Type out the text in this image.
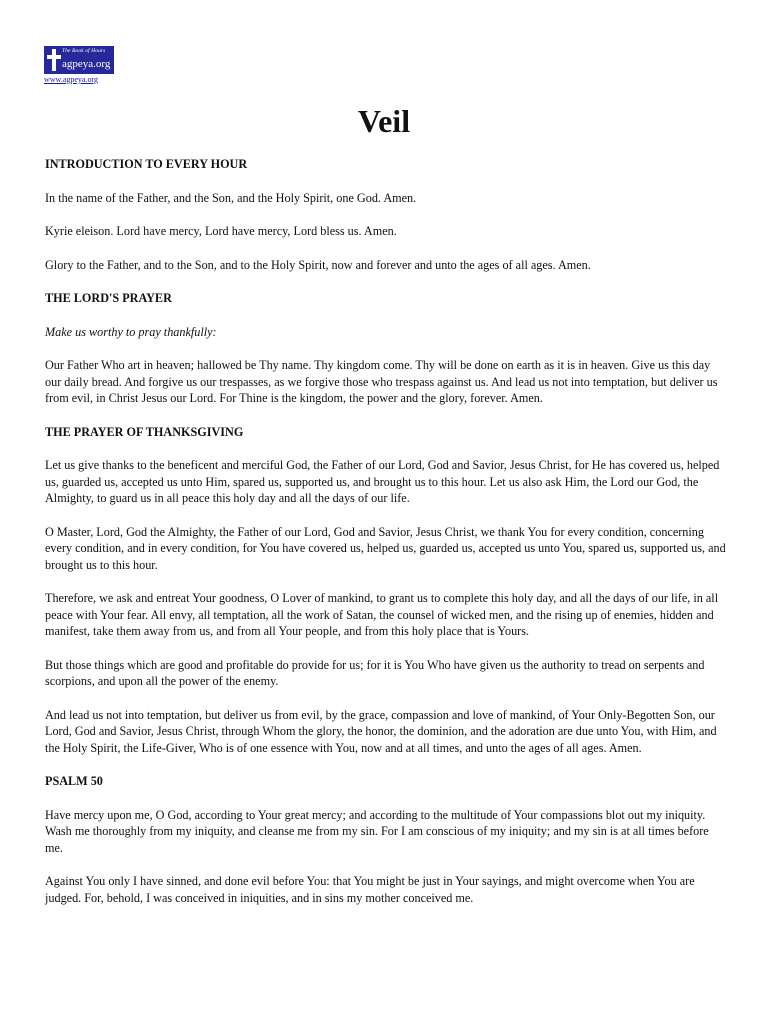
The Book of Hours
agpeya.org
www.agpeya.org
Veil
INTRODUCTION TO EVERY HOUR

In the name of the Father, and the Son, and the Holy Spirit, one God. Amen.

Kyrie eleison. Lord have mercy, Lord have mercy, Lord bless us. Amen.

Glory to the Father, and to the Son, and to the Holy Spirit, now and forever and unto the ages of all ages. Amen.

THE LORD'S PRAYER

Make us worthy to pray thankfully:

Our Father Who art in heaven; hallowed be Thy name. Thy kingdom come. Thy will be done on earth as it is in heaven. Give us this day our daily bread. And forgive us our trespasses, as we forgive those who trespass against us. And lead us not into temptation, but deliver us from evil, in Christ Jesus our Lord. For Thine is the kingdom, the power and the glory, forever. Amen.

THE PRAYER OF THANKSGIVING

Let us give thanks to the beneficent and merciful God, the Father of our Lord, God and Savior, Jesus Christ, for He has covered us, helped us, guarded us, accepted us unto Him, spared us, supported us, and brought us to this hour. Let us also ask Him, the Lord our God, the Almighty, to guard us in all peace this holy day and all the days of our life.

O Master, Lord, God the Almighty, the Father of our Lord, God and Savior, Jesus Christ, we thank You for every condition, concerning every condition, and in every condition, for You have covered us, helped us, guarded us, accepted us unto You, spared us, supported us, and brought us to this hour.

Therefore, we ask and entreat Your goodness, O Lover of mankind, to grant us to complete this holy day, and all the days of our life, in all peace with Your fear. All envy, all temptation, all the work of Satan, the counsel of wicked men, and the rising up of enemies, hidden and manifest, take them away from us, and from all Your people, and from this holy place that is Yours.

But those things which are good and profitable do provide for us; for it is You Who have given us the authority to tread on serpents and scorpions, and upon all the power of the enemy.

And lead us not into temptation, but deliver us from evil, by the grace, compassion and love of mankind, of Your Only-Begotten Son, our Lord, God and Savior, Jesus Christ, through Whom the glory, the honor, the dominion, and the adoration are due unto You, with Him, and the Holy Spirit, the Life-Giver, Who is of one essence with You, now and at all times, and unto the ages of all ages. Amen.

PSALM 50

Have mercy upon me, O God, according to Your great mercy; and according to the multitude of Your compassions blot out my iniquity. Wash me thoroughly from my iniquity, and cleanse me from my sin. For I am conscious of my iniquity; and my sin is at all times before me.

Against You only I have sinned, and done evil before You: that You might be just in Your sayings, and might overcome when You are judged. For, behold, I was conceived in iniquities, and in sins my mother conceived me.
